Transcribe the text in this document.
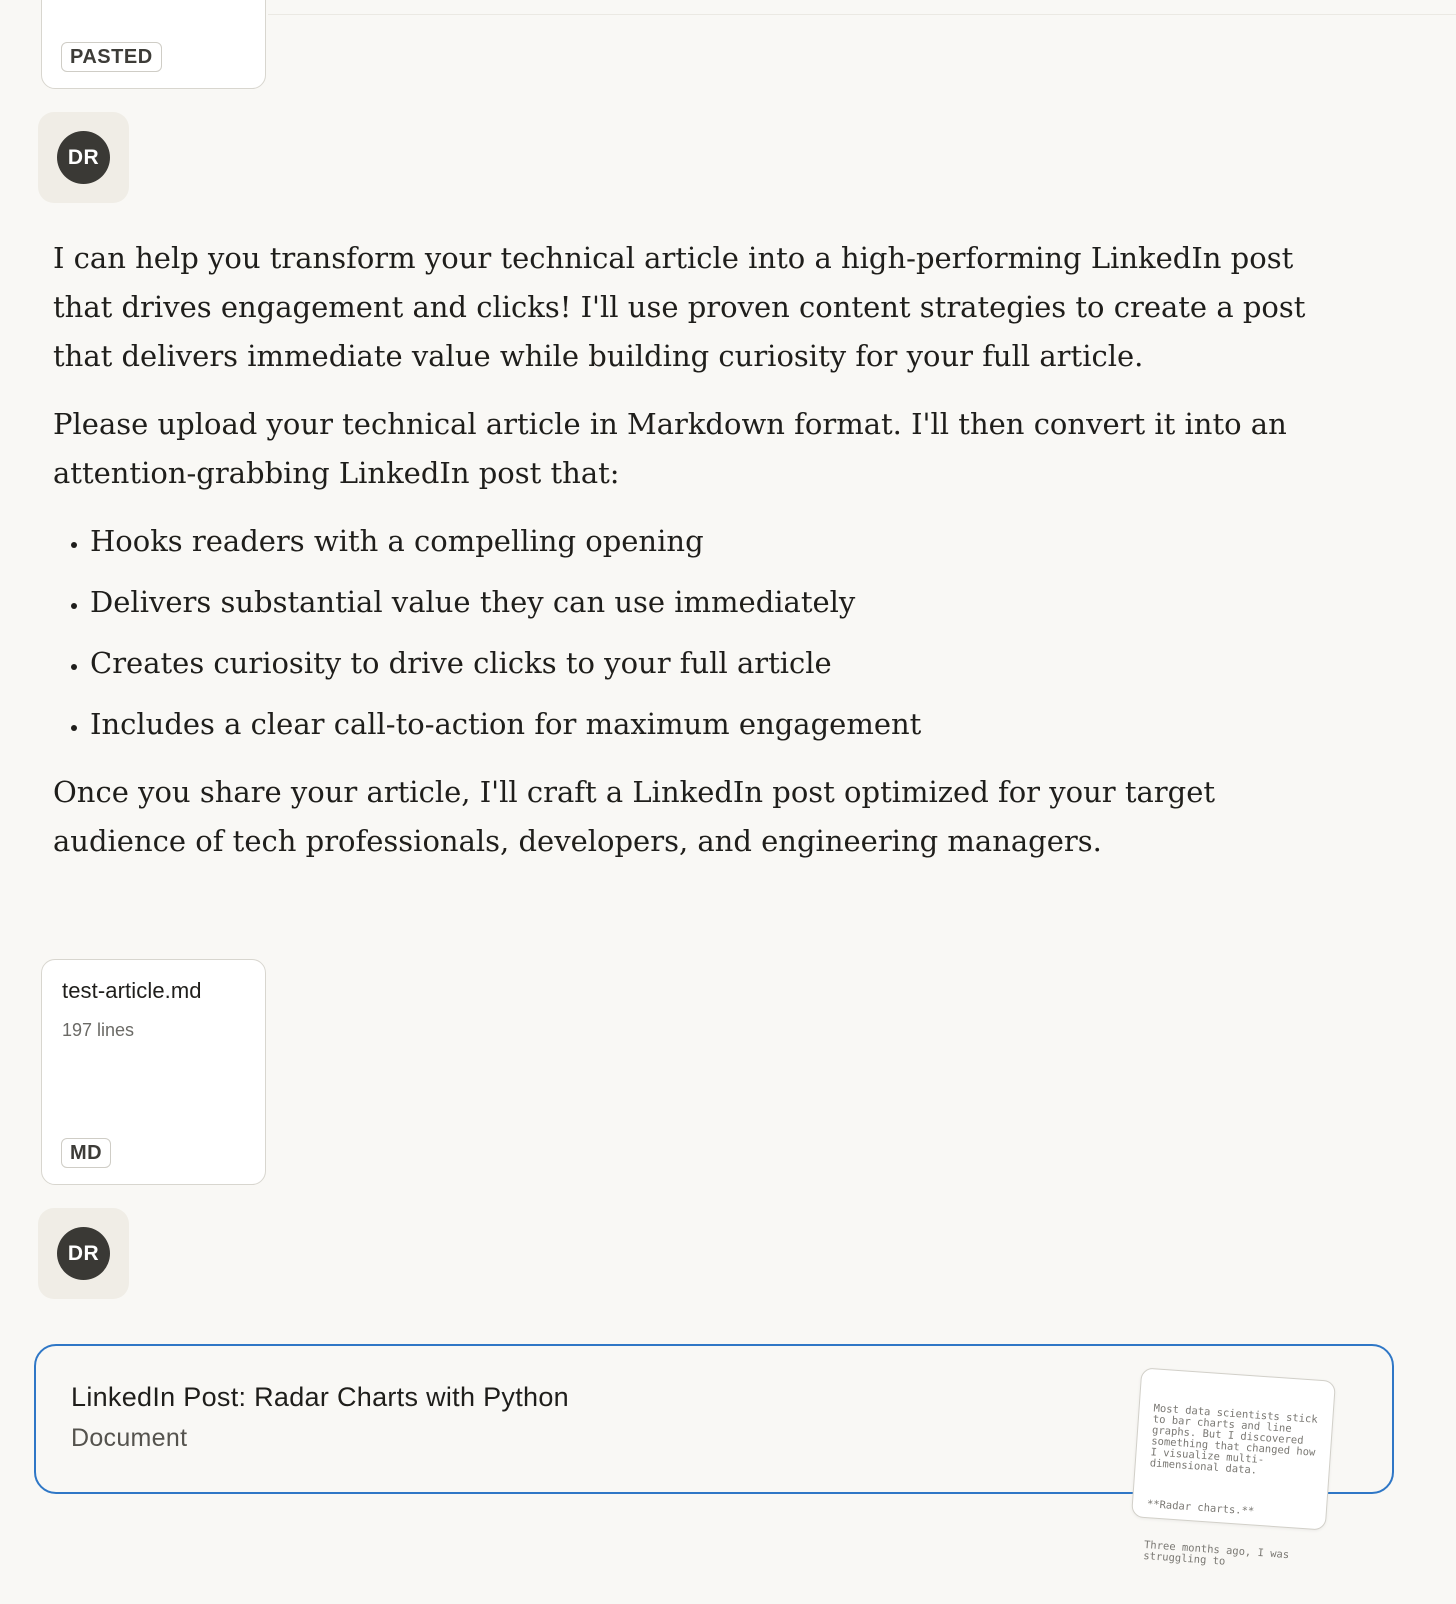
PASTED
DR

I can help you transform your technical article into a high-performing LinkedIn post that drives engagement and clicks! I'll use proven content strategies to create a post that delivers immediate value while building curiosity for your full article.

Please upload your technical article in Markdown format. I'll then convert it into an attention-grabbing LinkedIn post that:

• Hooks readers with a compelling opening
• Delivers substantial value they can use immediately
• Creates curiosity to drive clicks to your full article
• Includes a clear call-to-action for maximum engagement

Once you share your article, I'll craft a LinkedIn post optimized for your target audience of tech professionals, developers, and engineering managers.

test-article.md
197 lines
MD
DR
LinkedIn Post: Radar Charts with Python
Document

Most data scientists stick to bar charts and line graphs. But I discovered something that changed how I visualize multi-dimensional data.

**Radar charts.**

Three months ago, I was struggling to
